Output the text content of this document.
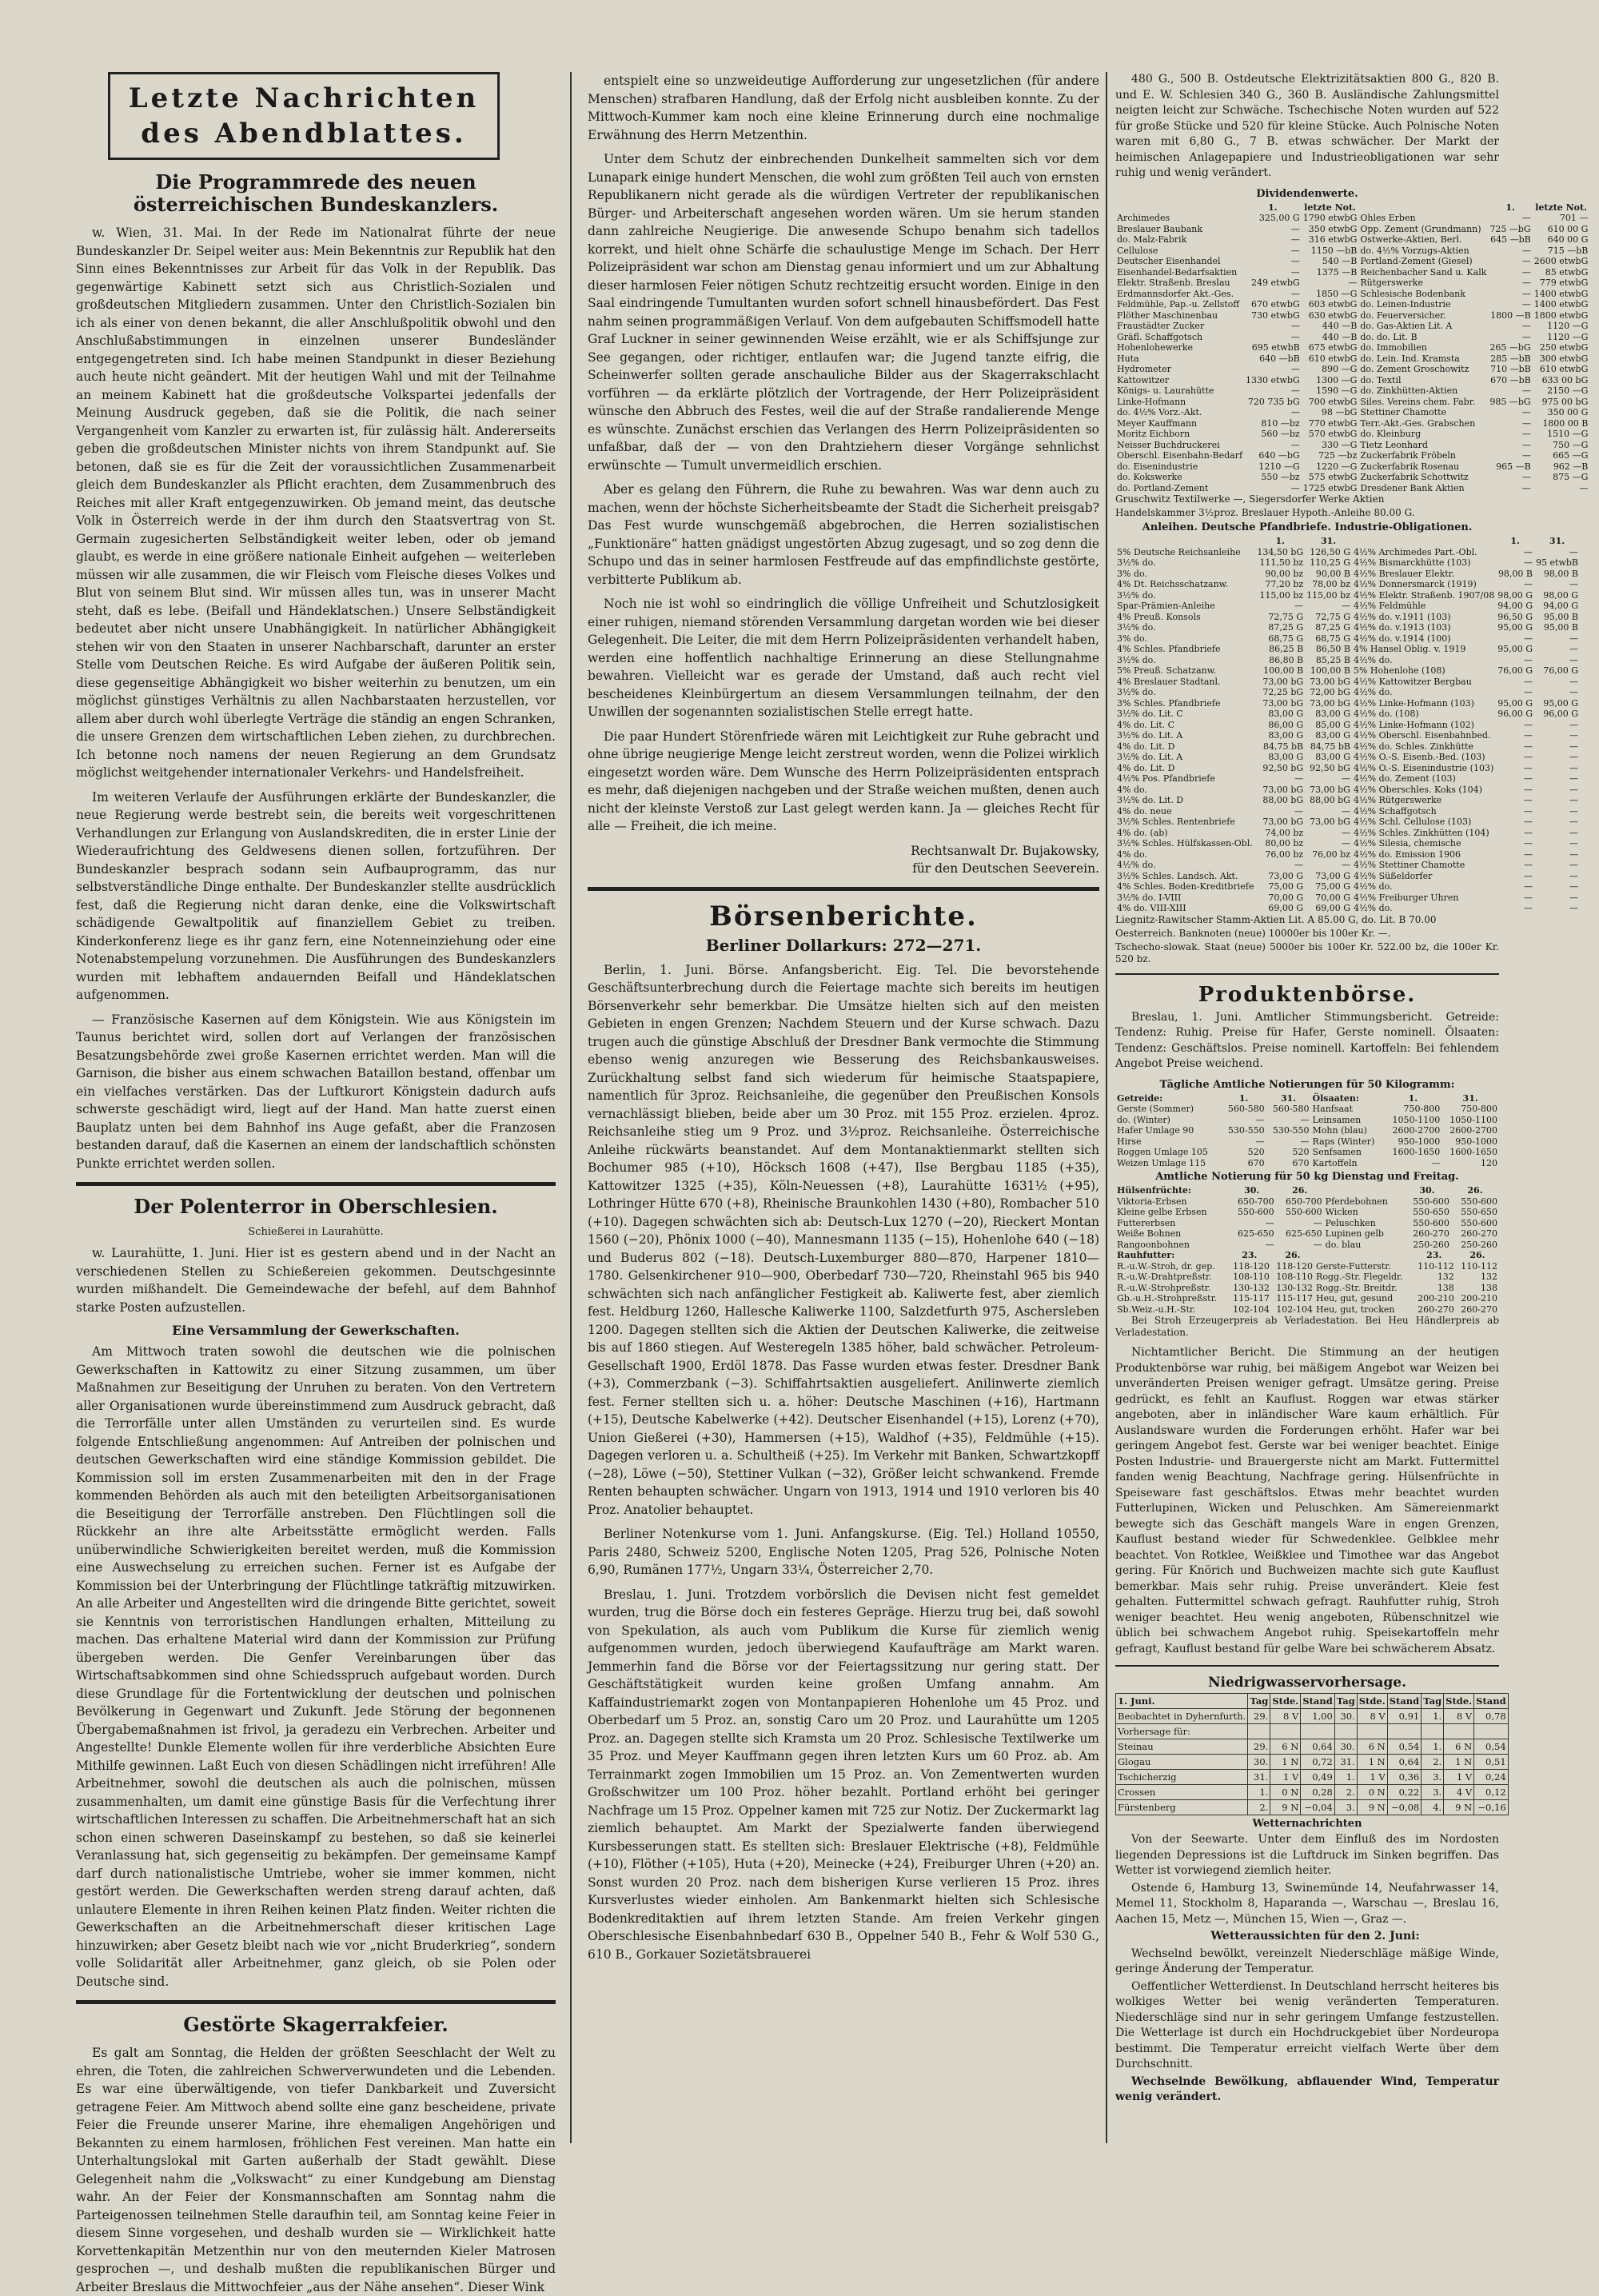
Letzte Nachrichten des Abendblattes.
Die Programmrede des neuen österreichischen Bundeskanzlers.

w. Wien, 31. Mai. In der Rede im Nationalrat führte der neue Bundeskanzler Dr. Seipel weiter aus: Mein Bekenntnis zur Republik hat den Sinn eines Bekenntnisses zur Arbeit für das Volk in der Republik. Das gegenwärtige Kabinett setzt sich aus Christlich-Sozialen und großdeutschen Mitgliedern zusammen. Unter den Christlich-Sozialen bin ich als einer von denen bekannt, die aller Anschlußpolitik obwohl und den Anschlußabstimmungen in einzelnen unserer Bundesländer entgegengetreten sind. Ich habe meinen Standpunkt in dieser Beziehung auch heute nicht geändert. Mit der heutigen Wahl und mit der Teilnahme an meinem Kabinett hat die großdeutsche Volkspartei jedenfalls der Meinung Ausdruck gegeben, daß sie die Politik, die nach seiner Vergangenheit vom Kanzler zu erwarten ist, für zulässig hält. Andererseits geben die großdeutschen Minister nichts von ihrem Standpunkt auf. Sie betonen, daß sie es für die Zeit der voraussichtlichen Zusammenarbeit gleich dem Bundeskanzler als Pflicht erachten, dem Zusammenbruch des Reiches mit aller Kraft entgegenzuwirken. Ob jemand meint, das deutsche Volk in Österreich werde in der ihm durch den Staatsvertrag von St. Germain zugesicherten Selbständigkeit weiter leben, oder ob jemand glaubt, es werde in eine größere nationale Einheit aufgehen — weiterleben müssen wir alle zusammen, die wir Fleisch vom Fleische dieses Volkes und Blut von seinem Blut sind. Wir müssen alles tun, was in unserer Macht steht, daß es lebe. (Beifall und Händeklatschen.) Unsere Selbständigkeit bedeutet aber nicht unsere Unabhängigkeit. In natürlicher Abhängigkeit stehen wir von den Staaten in unserer Nachbarschaft, darunter an erster Stelle vom Deutschen Reiche. Es wird Aufgabe der äußeren Politik sein, diese gegenseitige Abhängigkeit wo bisher weiterhin zu benutzen, um ein möglichst günstiges Verhältnis zu allen Nachbarstaaten herzustellen, vor allem aber durch wohl überlegte Verträge die ständig an engen Schranken, die unsere Grenzen dem wirtschaftlichen Leben ziehen, zu durchbrechen. Ich betonne noch namens der neuen Regierung an dem Grundsatz möglichst weitgehender internationaler Verkehrs- und Handelsfreiheit.

Im weiteren Verlaufe der Ausführungen erklärte der Bundeskanzler, die neue Regierung werde bestrebt sein, die bereits weit vorgeschrittenen Verhandlungen zur Erlangung von Auslandskrediten, die in erster Linie der Wiederaufrichtung des Geldwesens dienen sollen, fortzuführen. Der Bundeskanzler besprach sodann sein Aufbauprogramm, das nur selbstverständliche Dinge enthalte. Der Bundeskanzler stellte ausdrücklich fest, daß die Regierung nicht daran denke, eine die Volkswirtschaft schädigende Gewaltpolitik auf finanziellem Gebiet zu treiben. Kinderkonferenz liege es ihr ganz fern, eine Notenneinziehung oder eine Notenabstempelung vorzunehmen. Die Ausführungen des Bundeskanzlers wurden mit lebhaftem andauernden Beifall und Händeklatschen aufgenommen.

— Französische Kasernen auf dem Königstein. Wie aus Königstein im Taunus berichtet wird, sollen dort auf Verlangen der französischen Besatzungsbehörde zwei große Kasernen errichtet werden. Man will die Garnison, die bisher aus einem schwachen Bataillon bestand, offenbar um ein vielfaches verstärken. Das der Luftkurort Königstein dadurch aufs schwerste geschädigt wird, liegt auf der Hand. Man hatte zuerst einen Bauplatz unten bei dem Bahnhof ins Auge gefaßt, aber die Franzosen bestanden darauf, daß die Kasernen an einem der landschaftlich schönsten Punkte errichtet werden sollen.

Der Polenterror in Oberschlesien.
Schießerei in Laurahütte.

w. Laurahütte, 1. Juni. Hier ist es gestern abend und in der Nacht an verschiedenen Stellen zu Schießereien gekommen. Deutschgesinnte wurden mißhandelt. Die Gemeindewache der befehl, auf dem Bahnhof starke Posten aufzustellen.

Eine Versammlung der Gewerkschaften.

Am Mittwoch traten sowohl die deutschen wie die polnischen Gewerkschaften in Kattowitz zu einer Sitzung zusammen, um über Maßnahmen zur Beseitigung der Unruhen zu beraten. Von den Vertretern aller Organisationen wurde übereinstimmend zum Ausdruck gebracht, daß die Terrorfälle unter allen Umständen zu verurteilen sind. Es wurde folgende Entschließung angenommen: Auf Antreiben der polnischen und deutschen Gewerkschaften wird eine ständige Kommission gebildet. Die Kommission soll im ersten Zusammenarbeiten mit den in der Frage kommenden Behörden als auch mit den beteiligten Arbeitsorganisationen die Beseitigung der Terrorfälle anstreben. Den Flüchtlingen soll die Rückkehr an ihre alte Arbeitsstätte ermöglicht werden. Falls unüberwindliche Schwierigkeiten bereitet werden, muß die Kommission eine Auswechselung zu erreichen suchen. Ferner ist es Aufgabe der Kommission bei der Unterbringung der Flüchtlinge tatkräftig mitzuwirken. An alle Arbeiter und Angestellten wird die dringende Bitte gerichtet, soweit sie Kenntnis von terroristischen Handlungen erhalten, Mitteilung zu machen. Das erhaltene Material wird dann der Kommission zur Prüfung übergeben werden. Die Genfer Vereinbarungen über das Wirtschaftsabkommen sind ohne Schiedsspruch aufgebaut worden. Durch diese Grundlage für die Fortentwicklung der deutschen und polnischen Bevölkerung in Gegenwart und Zukunft. Jede Störung der begonnenen Übergabemaßnahmen ist frivol, ja geradezu ein Verbrechen. Arbeiter und Angestellte! Dunkle Elemente wollen für ihre verderbliche Absichten Eure Mithilfe gewinnen. Laßt Euch von diesen Schädlingen nicht irreführen! Alle Arbeitnehmer, sowohl die deutschen als auch die polnischen, müssen zusammenhalten, um damit eine günstige Basis für die Verfechtung ihrer wirtschaftlichen Interessen zu schaffen. Die Arbeitnehmerschaft hat an sich schon einen schweren Daseinskampf zu bestehen, so daß sie keinerlei Veranlassung hat, sich gegenseitig zu bekämpfen. Der gemeinsame Kampf darf durch nationalistische Umtriebe, woher sie immer kommen, nicht gestört werden. Die Gewerkschaften werden streng darauf achten, daß unlautere Elemente in ihren Reihen keinen Platz finden. Weiter richten die Gewerkschaften an die Arbeitnehmerschaft dieser kritischen Lage hinzuwirken; aber Gesetz bleibt nach wie vor „nicht Bruderkrieg“, sondern volle Solidarität aller Arbeitnehmer, ganz gleich, ob sie Polen oder Deutsche sind.

Gestörte Skagerrakfeier.

Es galt am Sonntag, die Helden der größten Seeschlacht der Welt zu ehren, die Toten, die zahlreichen Schwerverwundeten und die Lebenden. Es war eine überwältigende, von tiefer Dankbarkeit und Zuversicht getragene Feier. Am Mittwoch abend sollte eine ganz bescheidene, private Feier die Freunde unserer Marine, ihre ehemaligen Angehörigen und Bekannten zu einem harmlosen, fröhlichen Fest vereinen. Man hatte ein Unterhaltungslokal mit Garten außerhalb der Stadt gewählt. Diese Gelegenheit nahm die „Volkswacht“ zu einer Kundgebung am Dienstag wahr. An der Feier der Konsmannschaften am Sonntag nahm die Parteigenossen teilnehmen Stelle daraufhin teil, am Sonntag keine Feier in diesem Sinne vorgesehen, und deshalb wurden sie — Wirklichkeit hatte Korvettenkapitän Metzenthin nur von den meuternden Kieler Matrosen gesprochen —, und deshalb mußten die republikanischen Bürger und Arbeiter Breslaus die Mittwochfeier „aus der Nähe ansehen“. Dieser Wink

entspielt eine so unzweideutige Aufforderung zur ungesetzlichen (für andere Menschen) strafbaren Handlung, daß der Erfolg nicht ausbleiben konnte. Zu der Mittwoch-Kummer kam noch eine kleine Erinnerung durch eine nochmalige Erwähnung des Herrn Metzenthin.

Unter dem Schutz der einbrechenden Dunkelheit sammelten sich vor dem Lunapark einige hundert Menschen, die wohl zum größten Teil auch von ernsten Republikanern nicht gerade als die würdigen Vertreter der republikanischen Bürger- und Arbeiterschaft angesehen worden wären. Um sie herum standen dann zahlreiche Neugierige. Die anwesende Schupo benahm sich tadellos korrekt, und hielt ohne Schärfe die schaulustige Menge im Schach. Der Herr Polizeipräsident war schon am Dienstag genau informiert und um zur Abhaltung dieser harmlosen Feier nötigen Schutz rechtzeitig ersucht worden. Einige in den Saal eindringende Tumultanten wurden sofort schnell hinausbefördert. Das Fest nahm seinen programmäßigen Verlauf. Von dem aufgebauten Schiffsmodell hatte Graf Luckner in seiner gewinnenden Weise erzählt, wie er als Schiffsjunge zur See gegangen, oder richtiger, entlaufen war; die Jugend tanzte eifrig, die Scheinwerfer sollten gerade anschauliche Bilder aus der Skagerrakschlacht vorführen — da erklärte plötzlich der Vortragende, der Herr Polizeipräsident wünsche den Abbruch des Festes, weil die auf der Straße randalierende Menge es wünschte. Zunächst erschien das Verlangen des Herrn Polizeipräsidenten so unfaßbar, daß der — von den Drahtziehern dieser Vorgänge sehnlichst erwünschte — Tumult unvermeidlich erschien.

Aber es gelang den Führern, die Ruhe zu bewahren. Was war denn auch zu machen, wenn der höchste Sicherheitsbeamte der Stadt die Sicherheit preisgab? Das Fest wurde wunschgemäß abgebrochen, die Herren sozialistischen „Funktionäre“ hatten gnädigst ungestörten Abzug zugesagt, und so zog denn die Schupo und das in seiner harmlosen Festfreude auf das empfindlichste gestörte, verbitterte Publikum ab.

Noch nie ist wohl so eindringlich die völlige Unfreiheit und Schutzlosigkeit einer ruhigen, niemand störenden Versammlung dargetan worden wie bei dieser Gelegenheit. Die Leiter, die mit dem Herrn Polizeipräsidenten verhandelt haben, werden eine hoffentlich nachhaltige Erinnerung an diese Stellungnahme bewahren. Vielleicht war es gerade der Umstand, daß auch recht viel bescheidenes Kleinbürgertum an diesem Versammlungen teilnahm, der den Unwillen der sogenannten sozialistischen Stelle erregt hatte.

Die paar Hundert Störenfriede wären mit Leichtigkeit zur Ruhe gebracht und ohne übrige neugierige Menge leicht zerstreut worden, wenn die Polizei wirklich eingesetzt worden wäre. Dem Wunsche des Herrn Polizeipräsidenten entsprach es mehr, daß diejenigen nachgeben und der Straße weichen mußten, denen auch nicht der kleinste Verstoß zur Last gelegt werden kann. Ja — gleiches Recht für alle — Freiheit, die ich meine.

Rechtsanwalt Dr. Bujakowsky,
für den Deutschen Seeverein.
Börsenberichte.
Berliner Dollarkurs: 272—271.

Berlin, 1. Juni. Börse. Anfangsbericht. Eig. Tel. Die bevorstehende Geschäftsunterbrechung durch die Feiertage machte sich bereits im heutigen Börsenverkehr sehr bemerkbar. Die Umsätze hielten sich auf den meisten Gebieten in engen Grenzen; Nachdem Steuern und der Kurse schwach. Dazu trugen auch die günstige Abschluß der Dresdner Bank vermochte die Stimmung ebenso wenig anzuregen wie Besserung des Reichsbankausweises. Zurückhaltung selbst fand sich wiederum für heimische Staatspapiere, namentlich für 3proz. Reichsanleihe, die gegenüber den Preußischen Konsols vernachlässigt blieben, beide aber um 30 Proz. mit 155 Proz. erzielen. 4proz. Reichsanleihe stieg um 9 Proz. und 3½proz. Reichsanleihe. Österreichische Anleihe rückwärts beanstandet. Auf dem Montanaktienmarkt stellten sich Bochumer 985 (+10), Höcksch 1608 (+47), Ilse Bergbau 1185 (+35), Kattowitzer 1325 (+35), Köln-Neuessen (+8), Laurahütte 1631½ (+95), Lothringer Hütte 670 (+8), Rheinische Braunkohlen 1430 (+80), Rombacher 510 (+10). Dagegen schwächten sich ab: Deutsch-Lux 1270 (−20), Rieckert Montan 1560 (−20), Phönix 1000 (−40), Mannesmann 1135 (−15), Hohenlohe 640 (−18) und Buderus 802 (−18). Deutsch-Luxemburger 880—870, Harpener 1810—1780. Gelsenkirchener 910—900, Oberbedarf 730—720, Rheinstahl 965 bis 940 schwächten sich nach anfänglicher Festigkeit ab. Kaliwerte fest, aber ziemlich fest. Heldburg 1260, Hallesche Kaliwerke 1100, Salzdetfurth 975, Aschersleben 1200. Dagegen stellten sich die Aktien der Deutschen Kaliwerke, die zeitweise bis auf 1860 stiegen. Auf Westeregeln 1385 höher, bald schwächer. Petroleum-Gesellschaft 1900, Erdöl 1878. Das Fasse wurden etwas fester. Dresdner Bank (+3), Commerzbank (−3). Schiffahrtsaktien ausgeliefert. Anilinwerte ziemlich fest. Ferner stellten sich u. a. höher: Deutsche Maschinen (+16), Hartmann (+15), Deutsche Kabelwerke (+42). Deutscher Eisenhandel (+15), Lorenz (+70), Union Gießerei (+30), Hammersen (+15), Waldhof (+35), Feldmühle (+15). Dagegen verloren u. a. Schultheiß (+25). Im Verkehr mit Banken, Schwartzkopff (−28), Löwe (−50), Stettiner Vulkan (−32), Größer leicht schwankend. Fremde Renten behaupten schwächer. Ungarn von 1913, 1914 und 1910 verloren bis 40 Proz. Anatolier behauptet.

Berliner Notenkurse vom 1. Juni. Anfangskurse. (Eig. Tel.) Holland 10550, Paris 2480, Schweiz 5200, Englische Noten 1205, Prag 526, Polnische Noten 6,90, Rumänen 177½, Ungarn 33¼, Österreicher 2,70.

Breslau, 1. Juni. Trotzdem vorbörslich die Devisen nicht fest gemeldet wurden, trug die Börse doch ein festeres Gepräge. Hierzu trug bei, daß sowohl von Spekulation, als auch vom Publikum die Kurse für ziemlich wenig aufgenommen wurden, jedoch überwiegend Kaufaufträge am Markt waren. Jemmerhin fand die Börse vor der Feiertagssitzung nur gering statt. Der Geschäftstätigkeit wurden keine großen Umfang annahm. Am Kaffaindustriemarkt zogen von Montanpapieren Hohenlohe um 45 Proz. und Oberbedarf um 5 Proz. an, sonstig Caro um 20 Proz. und Laurahütte um 1205 Proz. an. Dagegen stellte sich Kramsta um 20 Proz. Schlesische Textilwerke um 35 Proz. und Meyer Kauffmann gegen ihren letzten Kurs um 60 Proz. ab. Am Terrainmarkt zogen Immobilien um 15 Proz. an. Von Zementwerten wurden Großschwitzer um 100 Proz. höher bezahlt. Portland erhöht bei geringer Nachfrage um 15 Proz. Oppelner kamen mit 725 zur Notiz. Der Zuckermarkt lag ziemlich behauptet. Am Markt der Spezialwerte fanden überwiegend Kursbesserungen statt. Es stellten sich: Breslauer Elektrische (+8), Feldmühle (+10), Flöther (+105), Huta (+20), Meinecke (+24), Freiburger Uhren (+20) an. Sonst wurden 20 Proz. nach dem bisherigen Kurse verlieren 15 Proz. ihres Kursverlustes wieder einholen. Am Bankenmarkt hielten sich Schlesische Bodenkreditaktien auf ihrem letzten Stande. Am freien Verkehr gingen Oberschlesische Eisenbahnbedarf 630 B., Oppelner 540 B., Fehr & Wolf 530 G., 610 B., Gorkauer Sozietätsbrauerei

480 G., 500 B. Ostdeutsche Elektrizitätsaktien 800 G., 820 B. und E. W. Schlesien 340 G., 360 B. Ausländische Zahlungsmittel neigten leicht zur Schwäche. Tschechische Noten wurden auf 522 für große Stücke und 520 für kleine Stücke. Auch Polnische Noten waren mit 6,80 G., 7 B. etwas schwächer. Der Markt der heimischen Anlagepapiere und Industrieobligationen war sehr ruhig und wenig verändert.

Dividendenwerte.
	1.	letzte Not.		1.	letzte Not.
Archimedes	325,00 G	1790 etwbG	Ohles Erben	—	701 —
Breslauer Baubank	—	350 etwbG	Opp. Zement (Grundmann)	725 —bG	610 00 G
do. Malz-Fabrik	—	316 etwbG	Ostwerke-Aktien, Berl.	645 —bB	640 00 G
Cellulose	—	1150 —bB	do. 4½% Vorzugs-Aktien	—	715 —bB
Deutscher Eisenhandel	—	540 —B	Portland-Zement (Giesel)	—	2600 etwbG
Eisenhandel-Bedarfsaktien	—	1375 —B	Reichenbacher Sand u. Kalk	—	85 etwbG
Elektr. Straßenb. Breslau	249 etwbG	—	Rütgerswerke	—	779 etwbG
Erdmannsdorfer Akt.-Ges.	—	1850 —G	Schlesische Bodenbank	—	1400 etwbG
Feldmühle, Pap.-u. Zellstoff	670 etwbG	603 etwbG	do. Leinen-Industrie	—	1400 etwbG
Flöther Maschinenbau	730 etwbG	630 etwbG	do. Feuerversicher.	1800 —B	1800 etwbG
Fraustädter Zucker	—	440 —B	do. Gas-Aktien Lit. A	—	1120 —G
Gräfl. Schaffgotsch	—	440 —B	do. do. Lit. B	—	1120 —G
Hohenlohewerke	695 etwbB	675 etwbG	do. Immobilien	265 —bG	250 etwbG
Huta	640 —bB	610 etwbG	do. Lein. Ind. Kramsta	285 —bB	300 etwbG
Hydrometer	—	890 —G	do. Zement Groschowitz	710 —bB	610 etwbG
Kattowitzer	1330 etwbG	1300 —G	do. Textil	670 —bB	633 00 bG
Königs- u. Laurahütte	—	1590 —G	do. Zinkhütten-Aktien	—	2150 —G
Linke-Hofmann	720 735 bG	700 etwbG	Siles. Vereins chem. Fabr.	985 —bG	975 00 bG
do. 4½% Vorz.-Akt.	—	98 —bG	Stettiner Chamotte	—	350 00 G
Meyer Kauffmann	810 —bz	770 etwbG	Terr.-Akt.-Ges. Grabschen	—	1800 00 B
Moritz Eichborn	560 —bz	570 etwbG	do. Kleinburg	—	1510 —G
Neisser Buchdruckerei	—	330 —G	Tietz Leonhard	—	750 —G
Oberschl. Eisenbahn-Bedarf	640 —bG	725 —bz	Zuckerfabrik Fröbeln	—	665 —G
do. Eisenindustrie	1210 —G	1220 —G	Zuckerfabrik Rosenau	965 —B	962 —B
do. Kokswerke	550 —bz	575 etwbG	Zuckerfabrik Schottwitz	—	875 —G
do. Portland-Zement	—	1725 etwbG	Dresdener Bank Aktien	—	—
Gruschwitz Textilwerke —, Siegersdorfer Werke Aktien
Handelskammer 3½proz. Breslauer Hypoth.-Anleihe 80.00 G.
Anleihen. Deutsche Pfandbriefe. Industrie-Obligationen.
	1.	31.		1.	31.
5% Deutsche Reichsanleihe	134,50 bG	126,50 G	4½% Archimedes Part.-Obl.	—	—
3½% do.	111,50 bz	110,25 G	4½% Bismarckhütte (103)	—	95 etwbB
3% do.	90,00 bz	90,00 B	4½% Breslauer Elektr.	98,00 B	98,00 B
4% Dt. Reichsschatzanw.	77,20 bz	78,00 bz	4½% Donnersmarck (1919)	—	—
3½% do.	115,00 bz	115,00 bz	4½% Elektr. Straßenb. 1907/08	98,00 G	98,00 G
Spar-Prämien-Anleihe	—	—	4½% Feldmühle	94,00 G	94,00 G
4% Preuß. Konsols	72,75 G	72,75 G	4½% do. v.1911 (103)	96,50 G	95,00 B
3½% do.	87,25 G	87,25 G	4½% do. v.1913 (103)	95,00 G	95,00 B
3% do.	68,75 G	68,75 G	4½% do. v.1914 (100)	—	—
4% Schles. Pfandbriefe	86,25 B	86,50 B	4% Hansel Oblig. v. 1919	95,00 G	—
3½% do.	86,80 B	85,25 B	4½% do.	—	—
5% Preuß. Schatzanw.	100,00 B	100,00 B	5% Hohenlohe (108)	76,00 G	76,00 G
4% Breslauer Stadtanl.	73,00 bG	73,00 bG	4½% Kattowitzer Bergbau	—	—
3½% do.	72,25 bG	72,00 bG	4½% do.	—	—
3% Schles. Pfandbriefe	73,00 bG	73,00 bG	4½% Linke-Hofmann (103)	95,00 G	95,00 G
3½% do. Lit. C	83,00 G	83,00 G	4½% do. (108)	96,00 G	96,00 G
4% do. Lit. C	86,00 G	85,00 G	4½% Linke-Hofmann (102)	—	—
3½% do. Lit. A	83,00 G	83,00 G	4½% Oberschl. Eisenbahnbed.	—	—
4% do. Lit. D	84,75 bB	84,75 bB	4½% do. Schles. Zinkhütte	—	—
3½% do. Lit. A	83,00 G	83,00 G	4½% O.-S. Eisenb.-Bed. (103)	—	—
4% do. Lit. D	92,50 bG	92,50 bG	4½% O.-S. Eisenindustrie (103)	—	—
4½% Pos. Pfandbriefe	—	—	4½% do. Zement (103)	—	—
4% do.	73,00 bG	73,00 bG	4½% Oberschles. Koks (104)	—	—
3½% do. Lit. D	88,00 bG	88,00 bG	4½% Rütgerswerke	—	—
4% do. neue	—	—	4½% Schaffgotsch	—	—
3½% Schles. Rentenbriefe	73,00 bG	73,00 bG	4½% Schl. Cellulose (103)	—	—
4% do. (ab)	74,00 bz	—	4½% Schles. Zinkhütten (104)	—	—
3½% Schles. Hülfskassen-Obl.	80,00 bz	—	4½% Silesia, chemische	—	—
4% do.	76,00 bz	76,00 bz	4½% do. Emission 1906	—	—
4½% do.	—	—	4½% Stettiner Chamotte	—	—
3½% Schles. Landsch. Akt.	73,00 G	73,00 G	4½% Süßeldorfer	—	—
4% Schles. Boden-Kreditbriefe	75,00 G	75,00 G	4½% do.	—	—
3½% do. I-VIII	70,00 G	70,00 G	4½% Freiburger Uhren	—	—
4% do. VIII-XIII	69,00 G	69,00 G	4½% do.	—	—
Liegnitz-Rawitscher Stamm-Aktien Lit. A 85.00 G, do. Lit. B 70.00
Oesterreich. Banknoten (neue) 10000er bis 100er Kr. —.
Tschecho-slowak. Staat (neue) 5000er bis 100er Kr. 522.00 bz, die 100er Kr. 520 bz.
Produktenbörse.

Breslau, 1. Juni. Amtlicher Stimmungsbericht. Getreide: Tendenz: Ruhig. Preise für Hafer, Gerste nominell. Ölsaaten: Tendenz: Geschäftslos. Preise nominell. Kartoffeln: Bei fehlendem Angebot Preise weichend.

Tägliche Amtliche Notierungen für 50 Kilogramm:
Getreide:	1.	31.	Ölsaaten:	1.	31.
Gerste (Sommer)	560-580	560-580	Hanfsaat	750-800	750-800
do. (Winter)	—	—	Leinsamen	1050-1100	1050-1100
Hafer Umlage 90	530-550	530-550	Mohn (blau)	2600-2700	2600-2700
Hirse	—	—	Raps (Winter)	950-1000	950-1000
Roggen Umlage 105	520	520	Senfsamen	1600-1650	1600-1650
Weizen Umlage 115	670	670	Kartoffeln	—	120
Amtliche Notierung für 50 kg Dienstag und Freitag.
Hülsenfrüchte:	30.	26.		30.	26.
Viktoria-Erbsen	650-700	650-700	Pferdebohnen	550-600	550-600
Kleine gelbe Erbsen	550-600	550-600	Wicken	550-650	550-650
Futtererbsen	—	—	Peluschken	550-600	550-600
Weiße Bohnen	625-650	625-650	Lupinen gelb	260-270	260-270
Rangoonbohnen	—	—	do. blau	250-260	250-260
Rauhfutter:	23.	26.		23.	26.
R.-u.W.-Stroh, dr. gep.	118-120	118-120	Gerste-Futterstr.	110-112	110-112
R.-u.W.-Drahtpreßstr.	108-110	108-110	Rogg.-Str. Flegeldr.	132	132
R.-u.W.-Strohpreßstr.	130-132	130-132	Rogg.-Str. Breitdr.	138	138
Gb.-u.H.-Strohpreßstr.	115-117	115-117	Heu, gut, gesund	200-210	200-210
Sb.Weiz.-u.H.-Str.	102-104	102-104	Heu, gut, trocken	260-270	260-270

Bei Stroh Erzeugerpreis ab Verladestation. Bei Heu Händlerpreis ab Verladestation.

Nichtamtlicher Bericht. Die Stimmung an der heutigen Produktenbörse war ruhig, bei mäßigem Angebot war Weizen bei unveränderten Preisen weniger gefragt. Umsätze gering. Preise gedrückt, es fehlt an Kauflust. Roggen war etwas stärker angeboten, aber in inländischer Ware kaum erhältlich. Für Auslandsware wurden die Forderungen erhöht. Hafer war bei geringem Angebot fest. Gerste war bei weniger beachtet. Einige Posten Industrie- und Brauergerste nicht am Markt. Futtermittel fanden wenig Beachtung, Nachfrage gering. Hülsenfrüchte in Speiseware fast geschäftslos. Etwas mehr beachtet wurden Futterlupinen, Wicken und Peluschken. Am Sämereienmarkt bewegte sich das Geschäft mangels Ware in engen Grenzen, Kauflust bestand wieder für Schwedenklee. Gelbklee mehr beachtet. Von Rotklee, Weißklee und Timothee war das Angebot gering. Für Knörich und Buchweizen machte sich gute Kauflust bemerkbar. Mais sehr ruhig. Preise unverändert. Kleie fest gehalten. Futtermittel schwach gefragt. Rauhfutter ruhig, Stroh weniger beachtet. Heu wenig angeboten, Rübenschnitzel wie üblich bei schwachem Angebot ruhig. Speisekartoffeln mehr gefragt, Kauflust bestand für gelbe Ware bei schwächerem Absatz.

Niedrigwasservorhersage.
1. Juni.	Tag	Stde.	Stand	Tag	Stde.	Stand	Tag	Stde.	Stand
Beobachtet in Dyhernfurth.	29.	8 V	1,00	30.	8 V	0,91	1.	8 V	0,78
Vorhersage für:									
Steinau	29.	6 N	0,64	30.	6 N	0,54	1.	6 N	0,54
Glogau	30.	1 N	0,72	31.	1 N	0,64	2.	1 N	0,51
Tschicherzig	31.	1 V	0,49	1.	1 V	0,36	3.	1 V	0,24
Crossen	1.	0 N	0,28	2.	0 N	0,22	3.	4 V	0,12
Fürstenberg	2.	9 N	−0,04	3.	9 N	−0,08	4.	9 N	−0,16
Wetternachrichten

Von der Seewarte. Unter dem Einfluß des im Nordosten liegenden Depressions ist die Luftdruck im Sinken begriffen. Das Wetter ist vorwiegend ziemlich heiter.

Ostende 6, Hamburg 13, Swinemünde 14, Neufahrwasser 14, Memel 11, Stockholm 8, Haparanda —, Warschau —, Breslau 16, Aachen 15, Metz —, München 15, Wien —, Graz —.

Wetteraussichten für den 2. Juni:

Wechselnd bewölkt, vereinzelt Niederschläge mäßige Winde, geringe Änderung der Temperatur.

Oeffentlicher Wetterdienst. In Deutschland herrscht heiteres bis wolkiges Wetter bei wenig veränderten Temperaturen. Niederschläge sind nur in sehr geringem Umfange festzustellen. Die Wetterlage ist durch ein Hochdruckgebiet über Nordeuropa bestimmt. Die Temperatur erreicht vielfach Werte über dem Durchschnitt.

Wechselnde Bewölkung, abflauender Wind, Temperatur wenig verändert.
